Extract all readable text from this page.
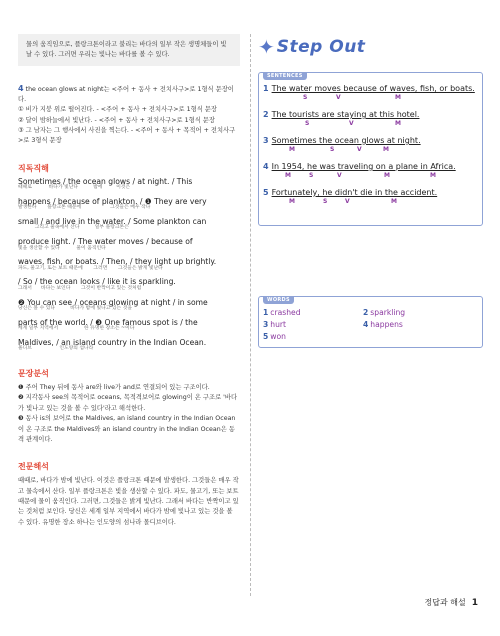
물의 움직임으로, 플랑크톤이라고 불리는 바다의 일부 작은 생명체들이 빛날 수 있다. 그러면 우리는 빛나는 바다를 볼 수 있다.
4 the ocean glows at night는 <주어 + 동사 + 전치사구>로 1형식 문장이다.
① 비가 지붕 위로 떨어진다. - <주어 + 동사 + 전치사구>로 1형식 문장
② 달이 밤하늘에서 빛난다. - <주어 + 동사 + 전치사구>로 1형식 문장
③ 그 남자는 그 행사에서 사진을 찍는다. - <주어 + 동사 + 목적어 + 전치사구>로 3형식 문장
직독직해
Sometimes / the ocean glows / at night. / This
때때로           바다가 빛난다          밤에         이것은
happens / because of plankton. / ❶ They are very
발생한다       플랑크톤 때문에                   그것들은 매우 작다
small / and live in the water. / Some plankton can
그리고 물속에서 산다          일부 플랑크톤은
produce light. / The water moves / because of
빛을 생산할 수 있다           물이 움직인다
waves, fish, or boats. / Then, / they light up brightly.
파도, 물고기, 또는 보트 때문에       그러면       그것들은 밝게 빛난다
/ So / the ocean looks / like it is sparkling.
그래서      바다는 보인다       그것이 반짝이고 있는 것처럼
❷ You can see / oceans glowing at night / in some
당신은 볼 수 있다          바다가 밤에 빛나고 있는 것을
parts of the world. / ❸ One famous spot is / the
세계 일부 지역에서                 한 유명한 장소는 ~이다
Maldives, / an island country in the Indian Ocean.
몰디브                  인도양의 섬나라
문장분석
❶ 주어 They 뒤에 동사 are와 live가 and로 연결되어 있는 구조이다.
❷ 지각동사 see의 목적어로 oceans, 목적격보어로 glowing이 온 구조로 '바다가 빛나고 있는 것을 볼 수 있다'라고 해석한다.
❸ 동사 is의 보어로 the Maldives, an island country in the Indian Ocean이 온 구조로 the Maldives와 an island country in the Indian Ocean은 동격 관계이다.
전문해석
때때로, 바다가 밤에 빛난다. 이것은 플랑크톤 때문에 발생한다. 그것들은 매우 작고 물속에서 산다. 일부 플랑크톤은 빛을 생산할 수 있다. 파도, 물고기, 또는 보트 때문에 물이 움직인다. 그러면, 그것들은 밝게 빛난다. 그래서 바다는 반짝이고 있는 것처럼 보인다. 당신은 세계 일부 지역에서 바다가 밤에 빛나고 있는 것을 볼 수 있다. 유명한 장소 하나는 인도양의 섬나라 몰디브이다.
✦ Step Out
SENTENCES
1 The water moves because of waves, fish, or boats.
S	V	M
2 The tourists are staying at this hotel.
S	V	M
3 Sometimes the ocean glows at night.
M	S	V	M
4 In 1954, he was traveling on a plane in Africa.
M	S	V	M	M
5 Fortunately, he didn't die in the accident.
M	S	V	M
WORDS
1 crashed	2 sparkling
3 hurt	4 happens
5 won
정답과 해설 1
